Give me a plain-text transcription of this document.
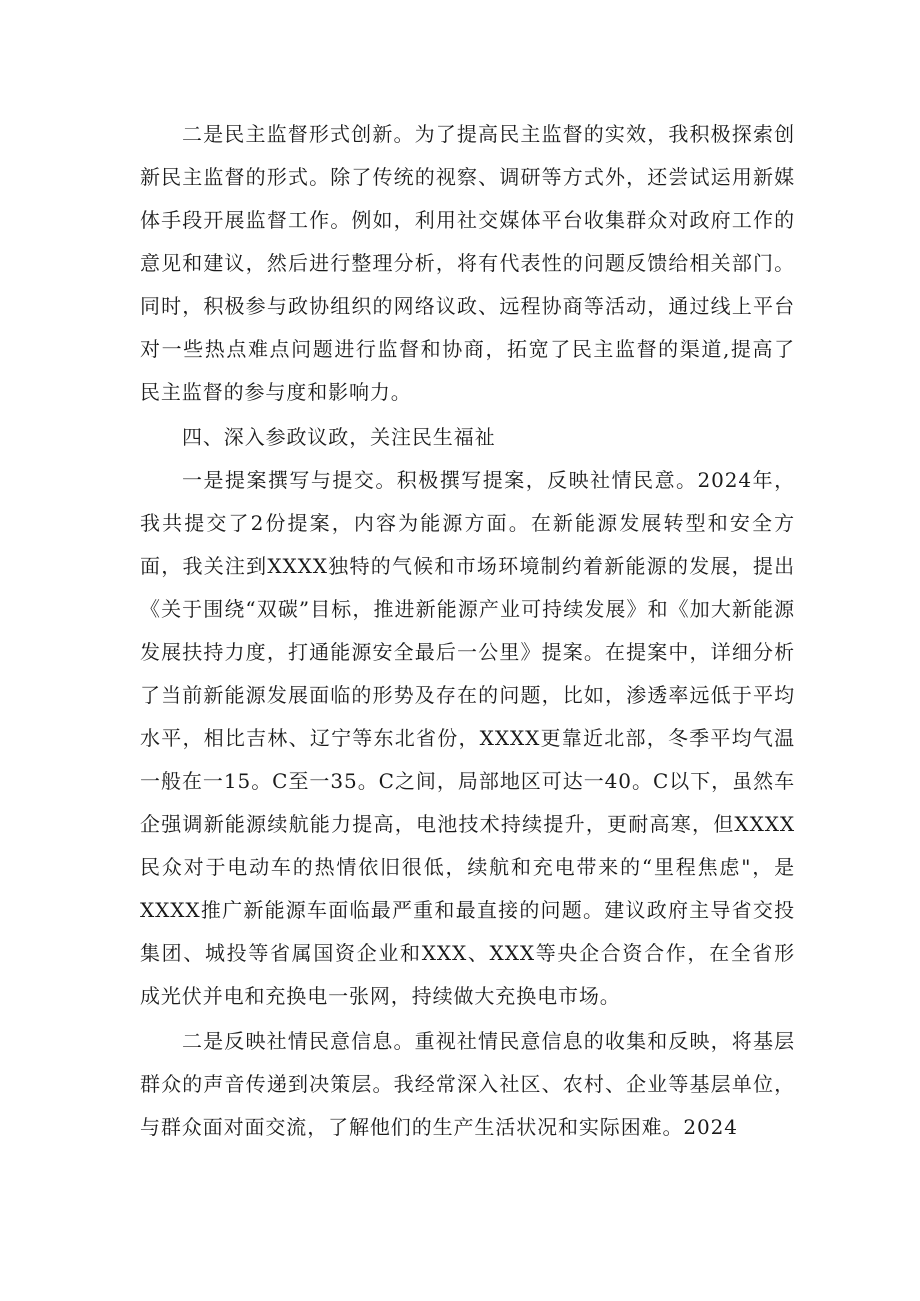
二是民主监督形式创新。为了提高民主监督的实效，我积极探索创新民主监督的形式。除了传统的视察、调研等方式外，还尝试运用新媒体手段开展监督工作。例如，利用社交媒体平台收集群众对政府工作的意见和建议，然后进行整理分析，将有代表性的问题反馈给相关部门。同时，积极参与政协组织的网络议政、远程协商等活动，通过线上平台对一些热点难点问题进行监督和协商，拓宽了民主监督的渠道,提高了民主监督的参与度和影响力。

四、深入参政议政，关注民生福祉

一是提案撰写与提交。积极撰写提案，反映社情民意。2024年，我共提交了2份提案，内容为能源方面。在新能源发展转型和安全方面，我关注到XXXX独特的气候和市场环境制约着新能源的发展，提出《关于围绕“双碳”目标，推进新能源产业可持续发展》和《加大新能源发展扶持力度，打通能源安全最后一公里》提案。在提案中，详细分析了当前新能源发展面临的形势及存在的问题，比如，渗透率远低于平均水平，相比吉林、辽宁等东北省份，XXXX更靠近北部，冬季平均气温一般在一15。C至一35。C之间，局部地区可达一40。C以下，虽然车企强调新能源续航能力提高，电池技术持续提升，更耐高寒，但XXXX民众对于电动车的热情依旧很低，续航和充电带来的“里程焦虑"，是XXXX推广新能源车面临最严重和最直接的问题。建议政府主导省交投集团、城投等省属国资企业和XXX、XXX等央企合资合作，在全省形成光伏并电和充换电一张网，持续做大充换电市场。

二是反映社情民意信息。重视社情民意信息的收集和反映，将基层群众的声音传递到决策层。我经常深入社区、农村、企业等基层单位，与群众面对面交流，了解他们的生产生活状况和实际困难。2024
